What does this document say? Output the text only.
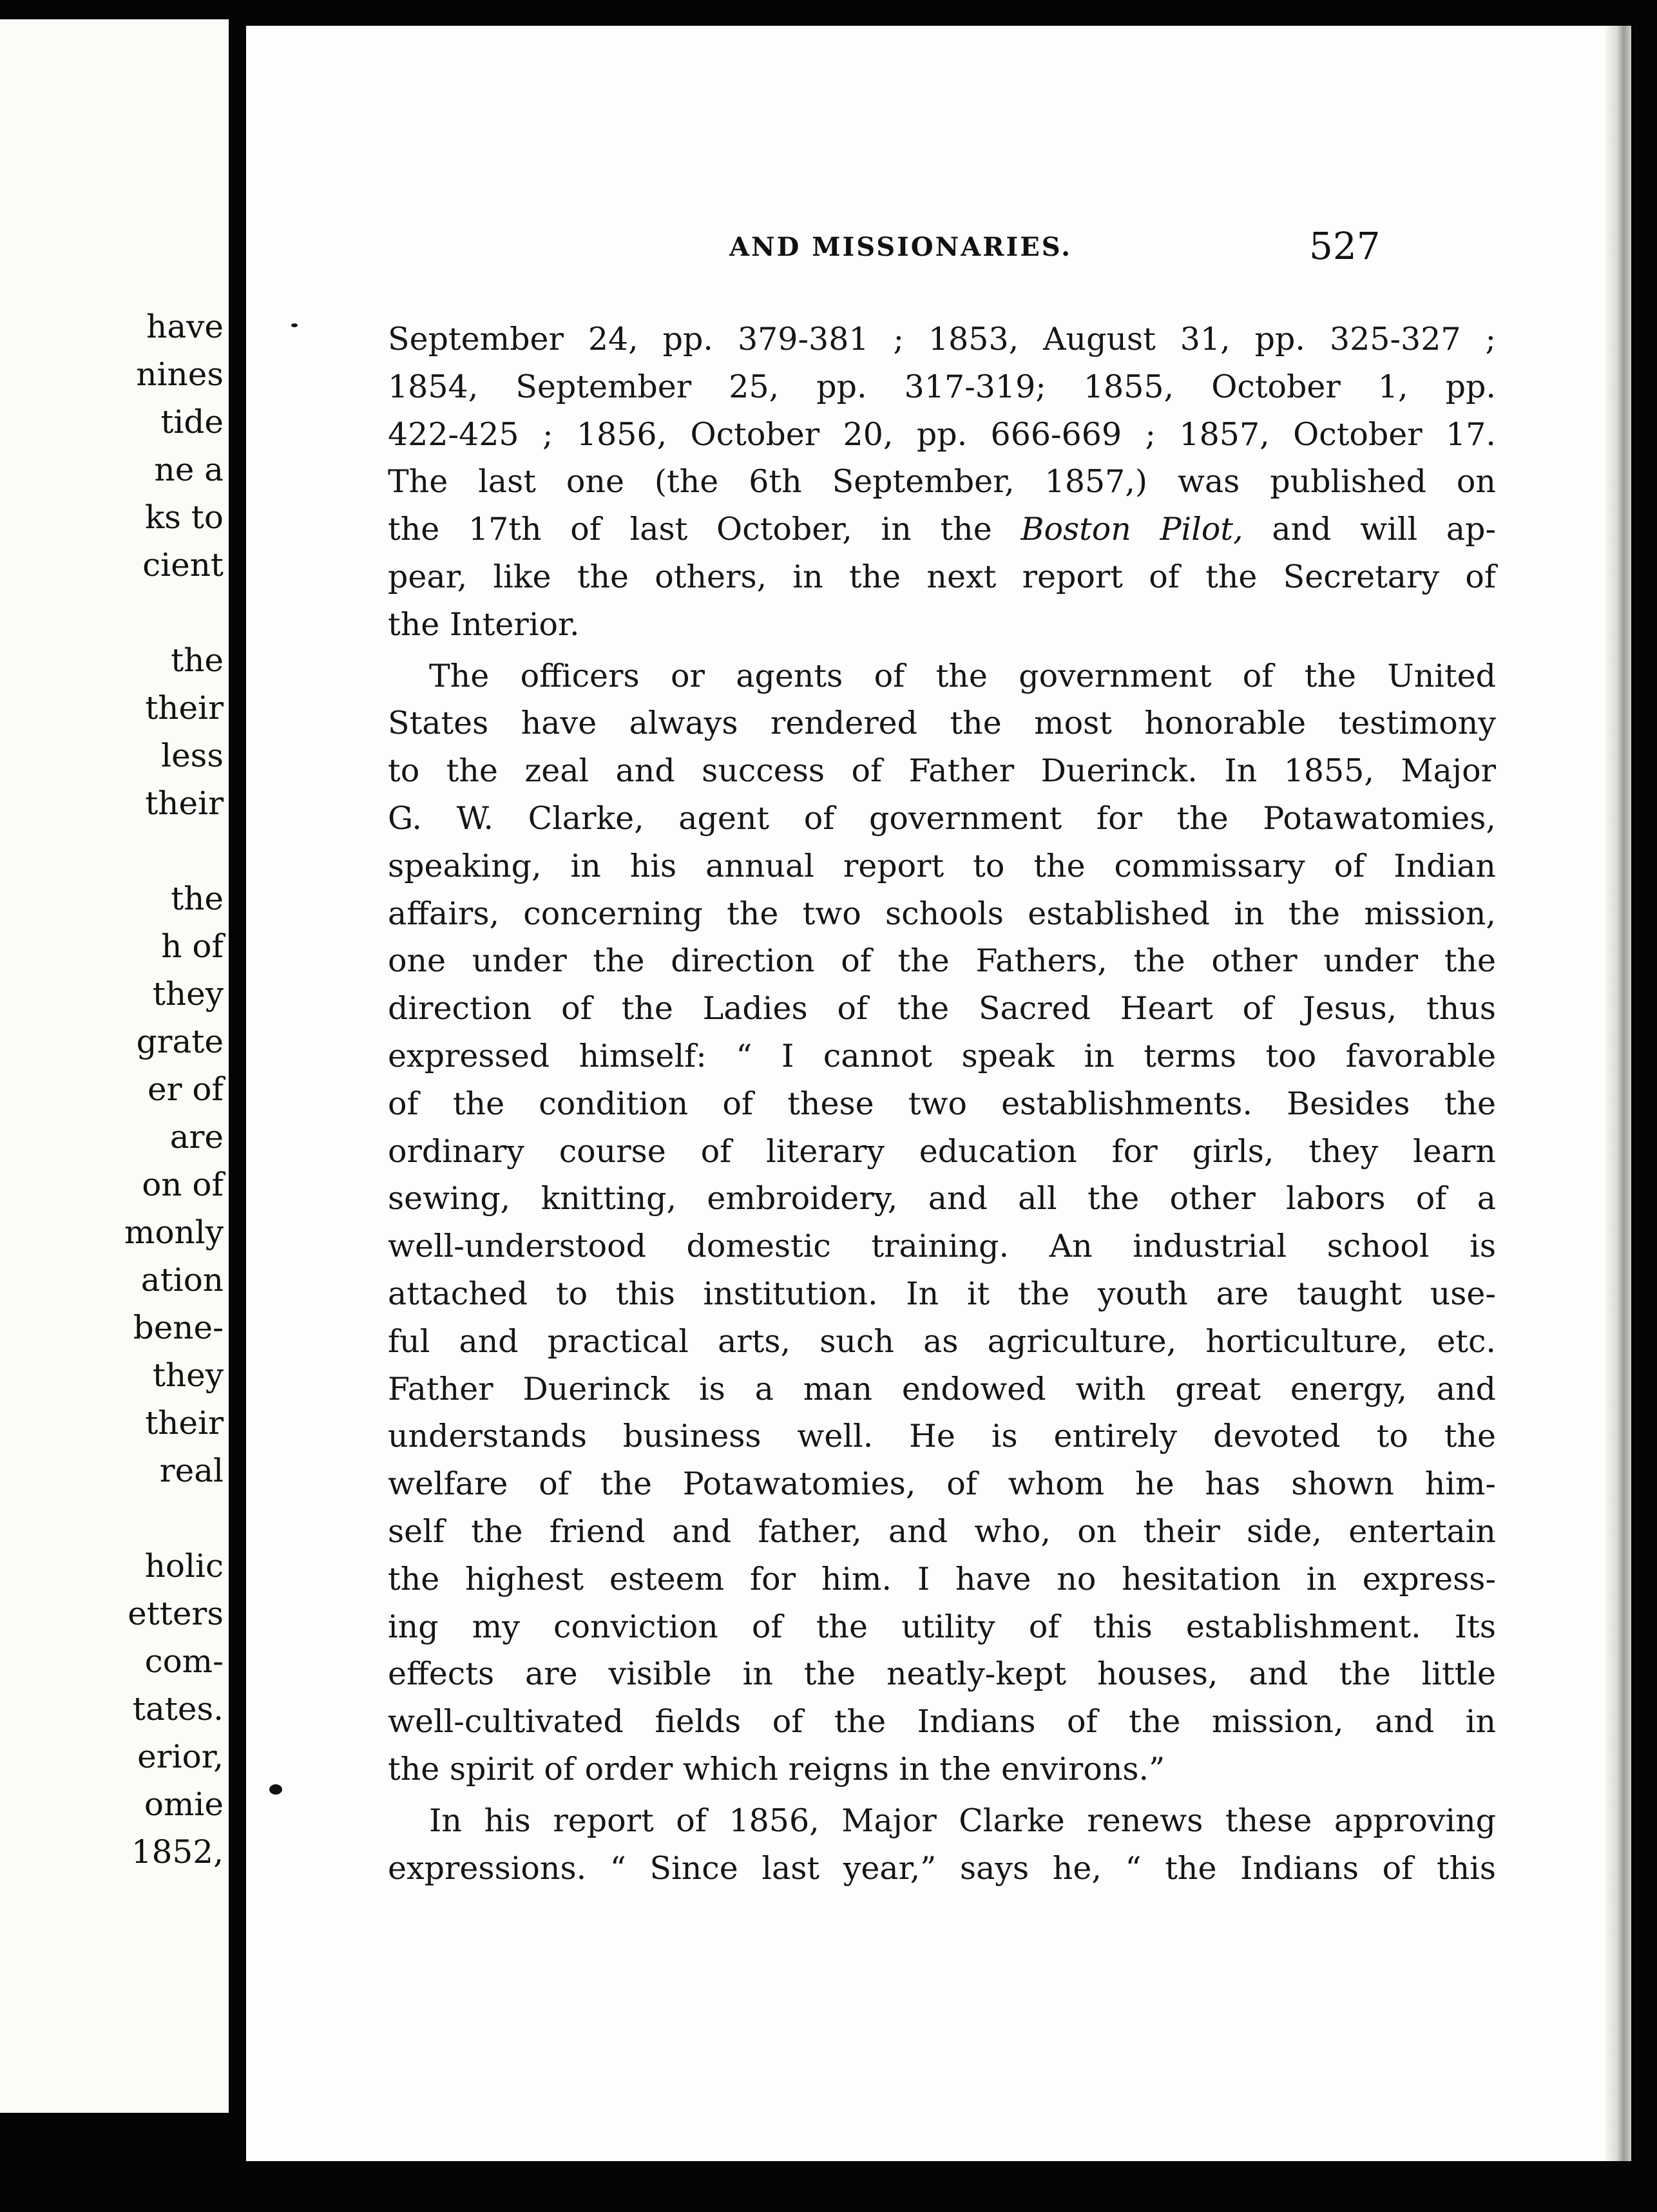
have
nines
tide
ne a
ks to
cient
the
their
less
their
the
h of
they
grate
er of
are
on of
monly
ation
bene-
they
their
real
holic
etters
com-
tates.
erior,
omie
1852,
AND MISSIONARIES.	527
September 24, pp. 379-381 ; 1853, August 31, pp. 325-327 ;
1854, September 25, pp. 317-319; 1855, October 1, pp.
422-425 ; 1856, October 20, pp. 666-669 ; 1857, October 17.
The last one (the 6th September, 1857,) was published on
the 17th of last October, in the Boston Pilot, and will ap-
pear, like the others, in the next report of the Secretary of
the Interior.
The officers or agents of the government of the United
States have always rendered the most honorable testimony
to the zeal and success of Father Duerinck. In 1855, Major
G. W. Clarke, agent of government for the Potawatomies,
speaking, in his annual report to the commissary of Indian
affairs, concerning the two schools established in the mission,
one under the direction of the Fathers, the other under the
direction of the Ladies of the Sacred Heart of Jesus, thus
expressed himself: “ I cannot speak in terms too favorable
of the condition of these two establishments. Besides the
ordinary course of literary education for girls, they learn
sewing, knitting, embroidery, and all the other labors of a
well-understood domestic training. An industrial school is
attached to this institution. In it the youth are taught use-
ful and practical arts, such as agriculture, horticulture, etc.
Father Duerinck is a man endowed with great energy, and
understands business well. He is entirely devoted to the
welfare of the Potawatomies, of whom he has shown him-
self the friend and father, and who, on their side, entertain
the highest esteem for him. I have no hesitation in express-
ing my conviction of the utility of this establishment. Its
effects are visible in the neatly-kept houses, and the little
well-cultivated fields of the Indians of the mission, and in
the spirit of order which reigns in the environs.”
In his report of 1856, Major Clarke renews these approving
expressions. “ Since last year,” says he, “ the Indians of this
